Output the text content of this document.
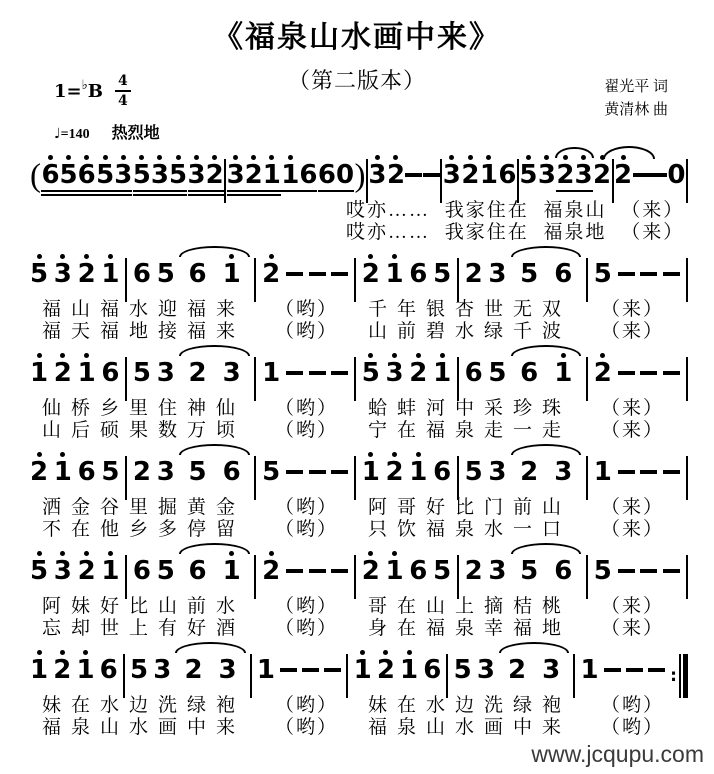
《福泉山水画中来》
（第二版本）
1= ♭ B $\frac{4}{4}$	翟光平 词
黄清林 曲
♩=140 热烈地
( 6 5 6 5 3 5 3 5 3 2 3 2 1 1 6 6 0 ) 3 2 3 2 1 6 5 3 2 3 2 2 0
哎亦…… 我家住在 福泉山 （来）
哎亦…… 我家住在 福泉地 （来）
5 3 2 1 6 5 6 1 2	2 1 6 5 2 3 5 6 5
福山福水迎福来 （哟） 千年银杏世无双 （来）
福天福地接福来 （哟） 山前碧水绿千波 （来）
1 2 1 6 5 3 2 3 1	5 3 2 1 6 5 6 1 2
仙桥乡里住神仙 （哟） 蛤蚌河中采珍珠 （来）
山后硕果数万顷 （哟） 宁在福泉走一走 （来）
2 1 6 5 2 3 5 6 5	1 2 1 6 5 3 2 3 1
洒金谷里掘黄金 （哟） 阿哥好比门前山 （来）
不在他乡多停留 （哟） 只饮福泉水一口 （来）
5 3 2 1 6 5 6 1 2	2 1 6 5 2 3 5 6 5
阿妹好比山前水 （哟） 哥在山上摘桔桃 （来）
忘却世上有好酒 （哟） 身在福泉幸福地 （来）
1 2 1 6 5 3 2 3 1	1 2 1 6 5 3 2 3 1	:
妹在水边洗绿袍 （哟） 妹在水边洗绿袍 （哟）
福泉山水画中来 （哟） 福泉山水画中来 （哟）
www.jcqupu.com
